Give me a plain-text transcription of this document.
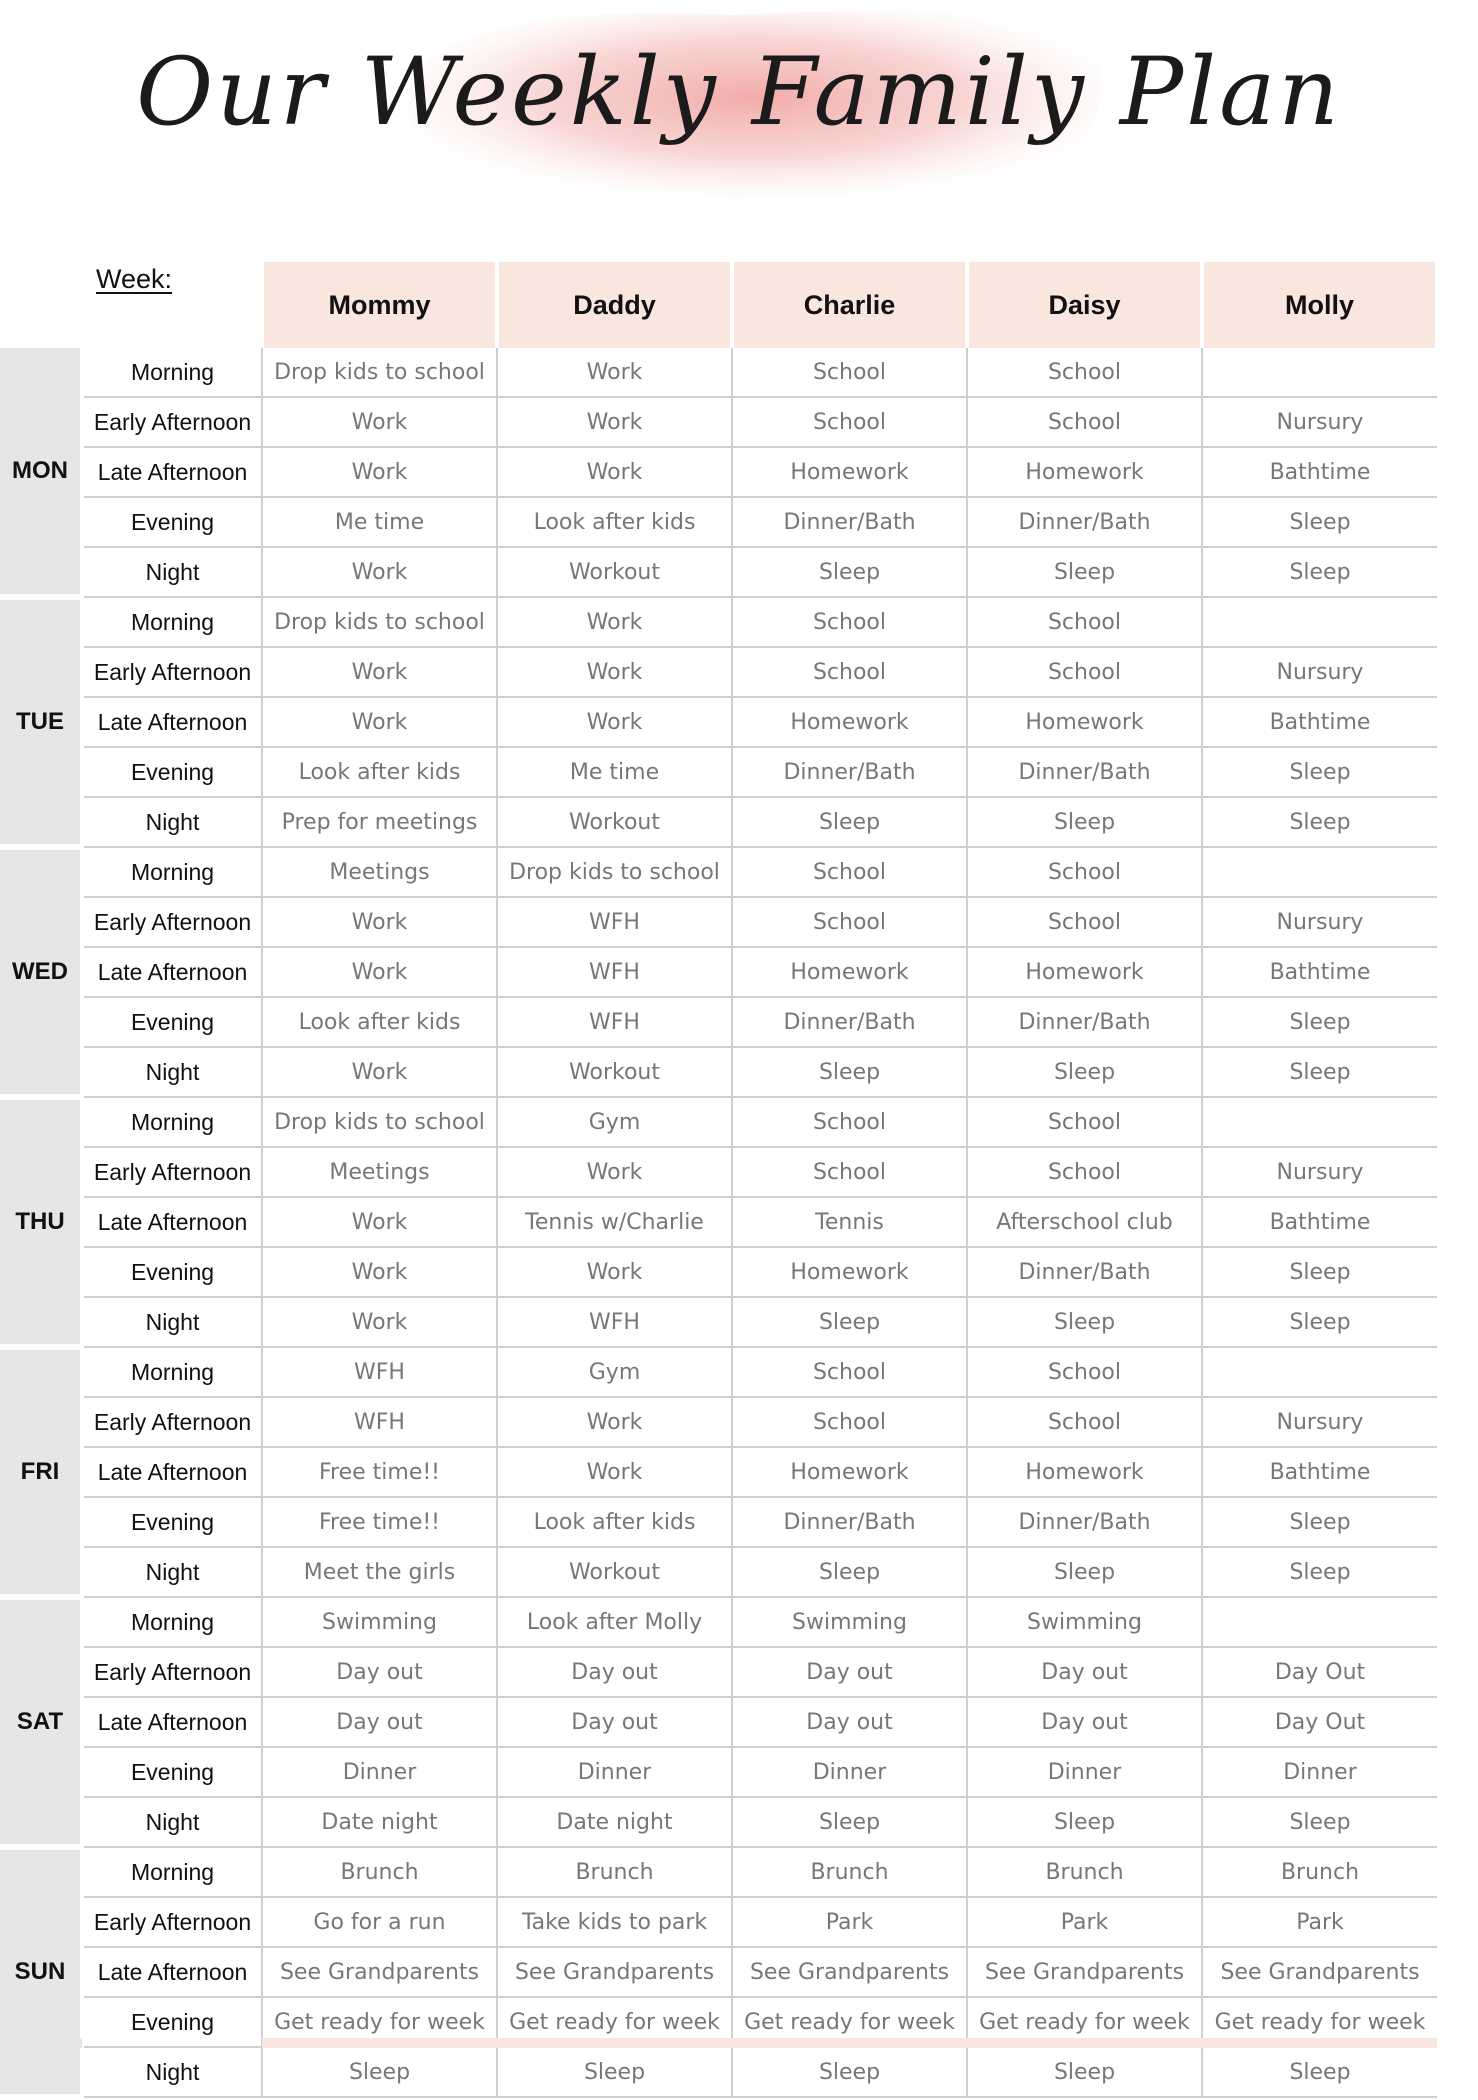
Our Weekly Family Plan
Week:
		Mommy	Daddy	Charlie	Daisy	Molly
MON	Morning	Drop kids to school	Work	School	School	
	Early Afternoon	Work	Work	School	School	Nursury
	Late Afternoon	Work	Work	Homework	Homework	Bathtime
	Evening	Me time	Look after kids	Dinner/Bath	Dinner/Bath	Sleep
	Night	Work	Workout	Sleep	Sleep	Sleep
TUE	Morning	Drop kids to school	Work	School	School	
	Early Afternoon	Work	Work	School	School	Nursury
	Late Afternoon	Work	Work	Homework	Homework	Bathtime
	Evening	Look after kids	Me time	Dinner/Bath	Dinner/Bath	Sleep
	Night	Prep for meetings	Workout	Sleep	Sleep	Sleep
WED	Morning	Meetings	Drop kids to school	School	School	
	Early Afternoon	Work	WFH	School	School	Nursury
	Late Afternoon	Work	WFH	Homework	Homework	Bathtime
	Evening	Look after kids	WFH	Dinner/Bath	Dinner/Bath	Sleep
	Night	Work	Workout	Sleep	Sleep	Sleep
THU	Morning	Drop kids to school	Gym	School	School	
	Early Afternoon	Meetings	Work	School	School	Nursury
	Late Afternoon	Work	Tennis w/Charlie	Tennis	Afterschool club	Bathtime
	Evening	Work	Work	Homework	Dinner/Bath	Sleep
	Night	Work	WFH	Sleep	Sleep	Sleep
FRI	Morning	WFH	Gym	School	School	
	Early Afternoon	WFH	Work	School	School	Nursury
	Late Afternoon	Free time!!	Work	Homework	Homework	Bathtime
	Evening	Free time!!	Look after kids	Dinner/Bath	Dinner/Bath	Sleep
	Night	Meet the girls	Workout	Sleep	Sleep	Sleep
SAT	Morning	Swimming	Look after Molly	Swimming	Swimming	
	Early Afternoon	Day out	Day out	Day out	Day out	Day Out
	Late Afternoon	Day out	Day out	Day out	Day out	Day Out
	Evening	Dinner	Dinner	Dinner	Dinner	Dinner
	Night	Date night	Date night	Sleep	Sleep	Sleep
SUN	Morning	Brunch	Brunch	Brunch	Brunch	Brunch
	Early Afternoon	Go for a run	Take kids to park	Park	Park	Park
	Late Afternoon	See Grandparents	See Grandparents	See Grandparents	See Grandparents	See Grandparents
	Evening	Get ready for week	Get ready for week	Get ready for week	Get ready for week	Get ready for week
	Night	Sleep	Sleep	Sleep	Sleep	Sleep
